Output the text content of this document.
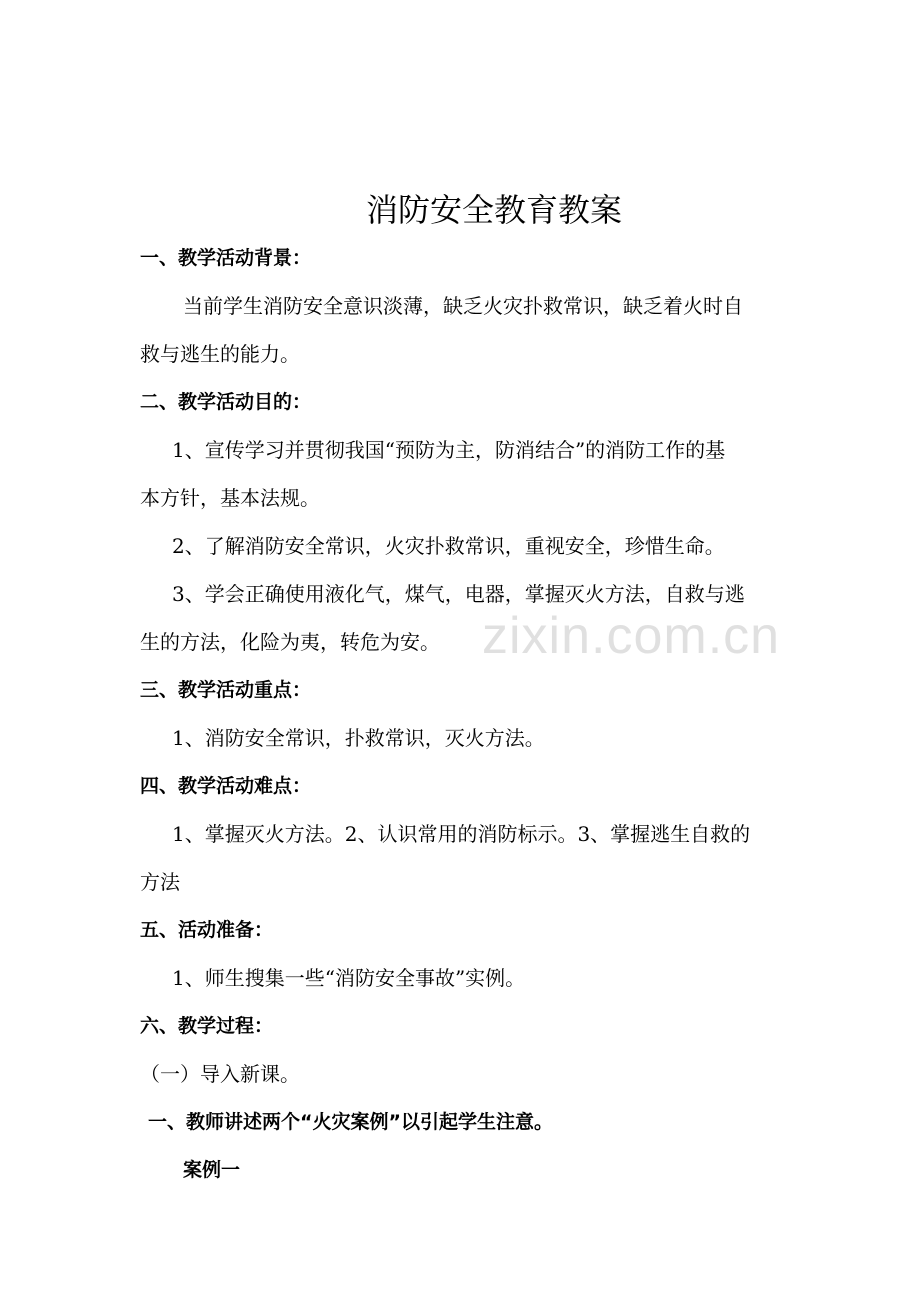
消防安全教育教案
一、教学活动背景：
当前学生消防安全意识淡薄，缺乏火灾扑救常识，缺乏着火时自
救与逃生的能力。
二、教学活动目的：
1、宣传学习并贯彻我国“预防为主，防消结合”的消防工作的基
本方针，基本法规。
2、了解消防安全常识，火灾扑救常识，重视安全，珍惜生命。
3、学会正确使用液化气，煤气，电器，掌握灭火方法，自救与逃
生的方法，化险为夷，转危为安。
三、教学活动重点：
1、消防安全常识，扑救常识，灭火方法。
四、教学活动难点：
1、掌握灭火方法。2、认识常用的消防标示。3、掌握逃生自救的
方法
五、活动准备：
1、师生搜集一些“消防安全事故”实例。
六、教学过程：
（一）导入新课。
一、教师讲述两个“火灾案例”以引起学生注意。
案例一
zixin.com.cn
